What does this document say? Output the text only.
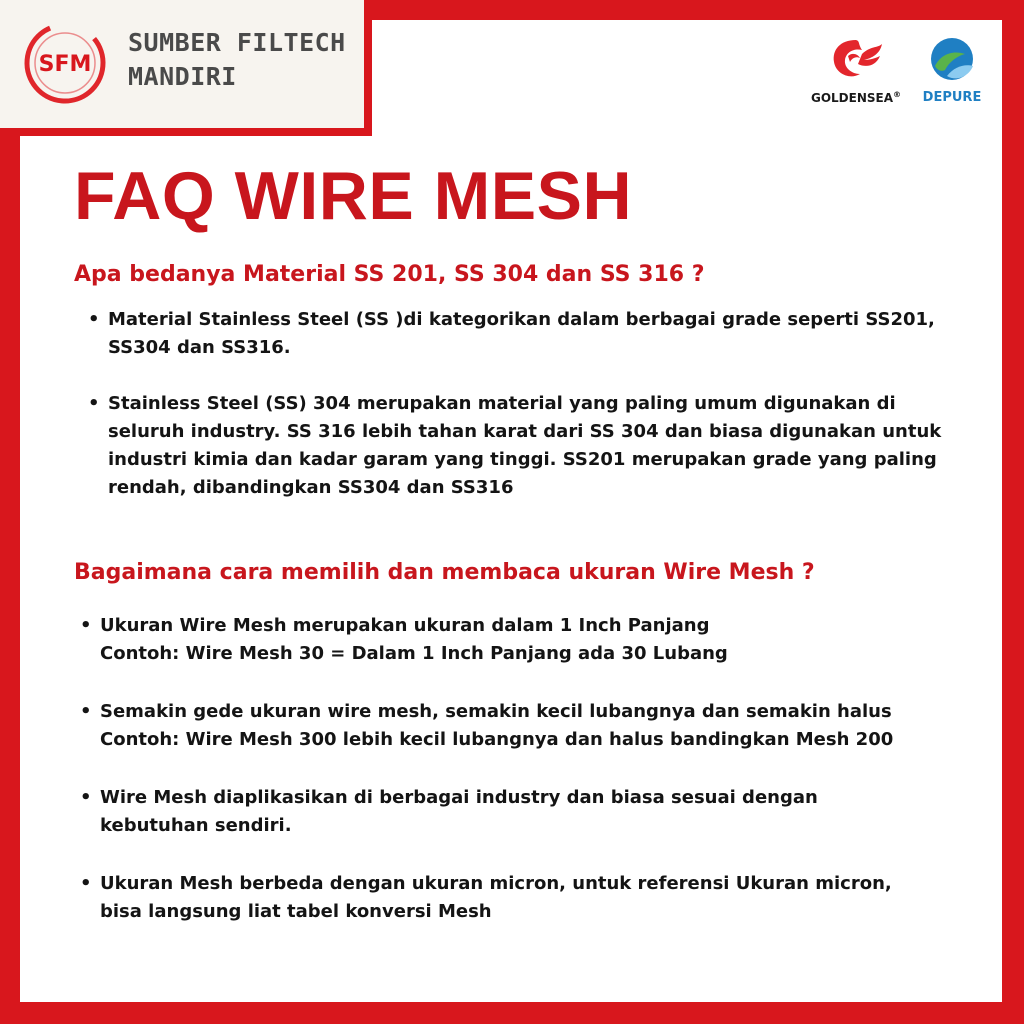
SFM
SUMBER FILTECH
MANDIRI
GOLDENSEA®	DEPURE
FAQ WIRE MESH
Apa bedanya Material SS 201, SS 304 dan SS 316 ?
• Material Stainless Steel (SS )di kategorikan dalam berbagai grade seperti SS201,
SS304 dan SS316.
• Stainless Steel (SS) 304 merupakan material yang paling umum digunakan di
seluruh industry. SS 316 lebih tahan karat dari SS 304 dan biasa digunakan untuk
industri kimia dan kadar garam yang tinggi. SS201 merupakan grade yang paling
rendah, dibandingkan SS304 dan SS316
Bagaimana cara memilih dan membaca ukuran Wire Mesh ?
• Ukuran Wire Mesh merupakan ukuran dalam 1 Inch Panjang
Contoh: Wire Mesh 30 = Dalam 1 Inch Panjang ada 30 Lubang
• Semakin gede ukuran wire mesh, semakin kecil lubangnya dan semakin halus
Contoh: Wire Mesh 300 lebih kecil lubangnya dan halus bandingkan Mesh 200
• Wire Mesh diaplikasikan di berbagai industry dan biasa sesuai dengan
kebutuhan sendiri.
• Ukuran Mesh berbeda dengan ukuran micron, untuk referensi Ukuran micron,
bisa langsung liat tabel konversi Mesh
